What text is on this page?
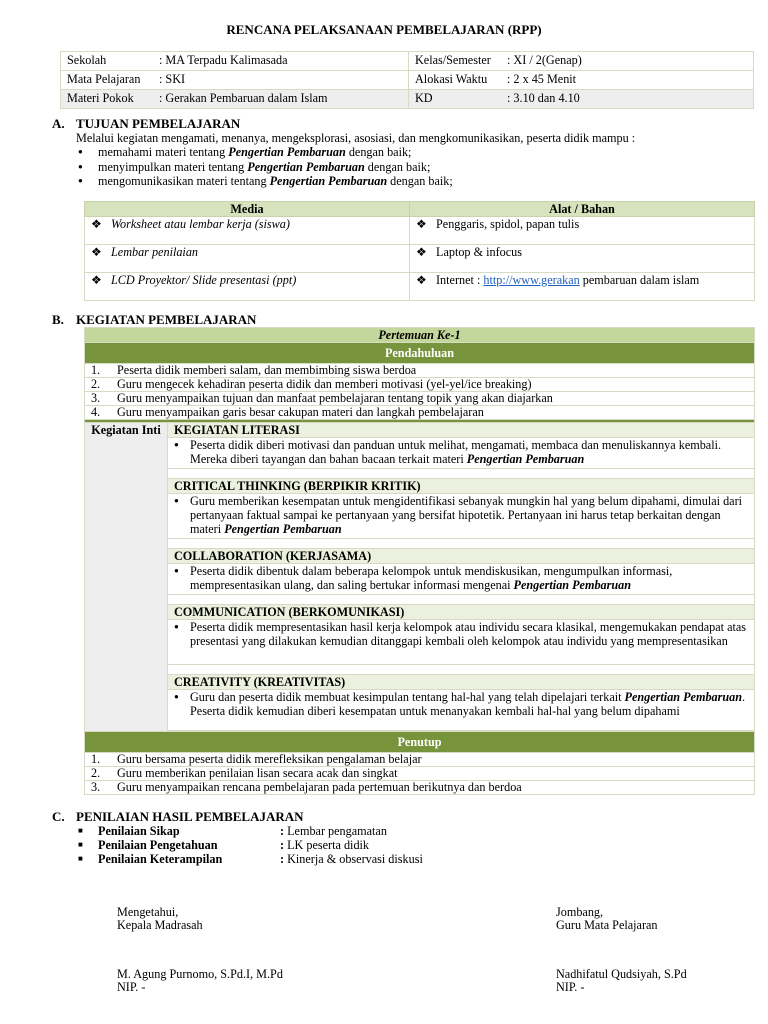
RENCANA PELAKSANAAN PEMBELAJARAN (RPP)
Sekolah : MA Terpadu Kalimasada	Kelas/Semester : XI / 2(Genap)
Mata Pelajaran : SKI	Alokasi Waktu : 2 x 45 Menit
Materi Pokok : Gerakan Pembaruan dalam Islam	KD : 3.10 dan 4.10
A. TUJUAN PEMBELAJARAN
Melalui kegiatan mengamati, menanya, mengeksplorasi, asosiasi, dan mengkomunikasikan, peserta didik mampu :
● memahami materi tentang Pengertian Pembaruan dengan baik;
● menyimpulkan materi tentang Pengertian Pembaruan dengan baik;
● mengomunikasikan materi tentang Pengertian Pembaruan dengan baik;
Media	Alat / Bahan
❖ Worksheet atau lembar kerja (siswa)	❖ Penggaris, spidol, papan tulis
❖ Lembar penilaian	❖ Laptop & infocus
❖ LCD Proyektor/ Slide presentasi (ppt)	❖ Internet : http://www.gerakan pembaruan dalam islam
B. KEGIATAN PEMBELAJARAN
Pertemuan Ke-1
Pendahuluan
1. Peserta didik memberi salam, dan membimbing siswa berdoa
2. Guru mengecek kehadiran peserta didik dan memberi motivasi (yel-yel/ice breaking)
3. Guru menyampaikan tujuan dan manfaat pembelajaran tentang topik yang akan diajarkan
4. Guru menyampaikan garis besar cakupan materi dan langkah pembelajaran

Kegiatan Inti	KEGIATAN LITERASI
● Peserta didik diberi motivasi dan panduan untuk melihat, mengamati, membaca dan menuliskannya kembali. Mereka diberi tayangan dan bahan bacaan terkait materi Pengertian Pembaruan

CRITICAL THINKING (BERPIKIR KRITIK)
● Guru memberikan kesempatan untuk mengidentifikasi sebanyak mungkin hal yang belum dipahami, dimulai dari pertanyaan faktual sampai ke pertanyaan yang bersifat hipotetik. Pertanyaan ini harus tetap berkaitan dengan materi Pengertian Pembaruan

COLLABORATION (KERJASAMA)
● Peserta didik dibentuk dalam beberapa kelompok untuk mendiskusikan, mengumpulkan informasi, mempresentasikan ulang, dan saling bertukar informasi mengenai Pengertian Pembaruan

COMMUNICATION (BERKOMUNIKASI)
● Peserta didik mempresentasikan hasil kerja kelompok atau individu secara klasikal, mengemukakan pendapat atas presentasi yang dilakukan kemudian ditanggapi kembali oleh kelompok atau individu yang mempresentasikan

CREATIVITY (KREATIVITAS)
● Guru dan peserta didik membuat kesimpulan tentang hal-hal yang telah dipelajari terkait Pengertian Pembaruan. Peserta didik kemudian diberi kesempatan untuk menanyakan kembali hal-hal yang belum dipahami

Penutup
1. Guru bersama peserta didik merefleksikan pengalaman belajar
2. Guru memberikan penilaian lisan secara acak dan singkat
3. Guru menyampaikan rencana pembelajaran pada pertemuan berikutnya dan berdoa
C. PENILAIAN HASIL PEMBELAJARAN
■ Penilaian Sikap	: Lembar pengamatan
■ Penilaian Pengetahuan	: LK peserta didik
■ Penilaian Keterampilan	: Kinerja & observasi diskusi
Mengetahui,
Kepala Madrasah
M. Agung Purnomo, S.Pd.I, M.Pd
NIP. -
Jombang,
Guru Mata Pelajaran
Nadhifatul Qudsiyah, S.Pd
NIP. -
